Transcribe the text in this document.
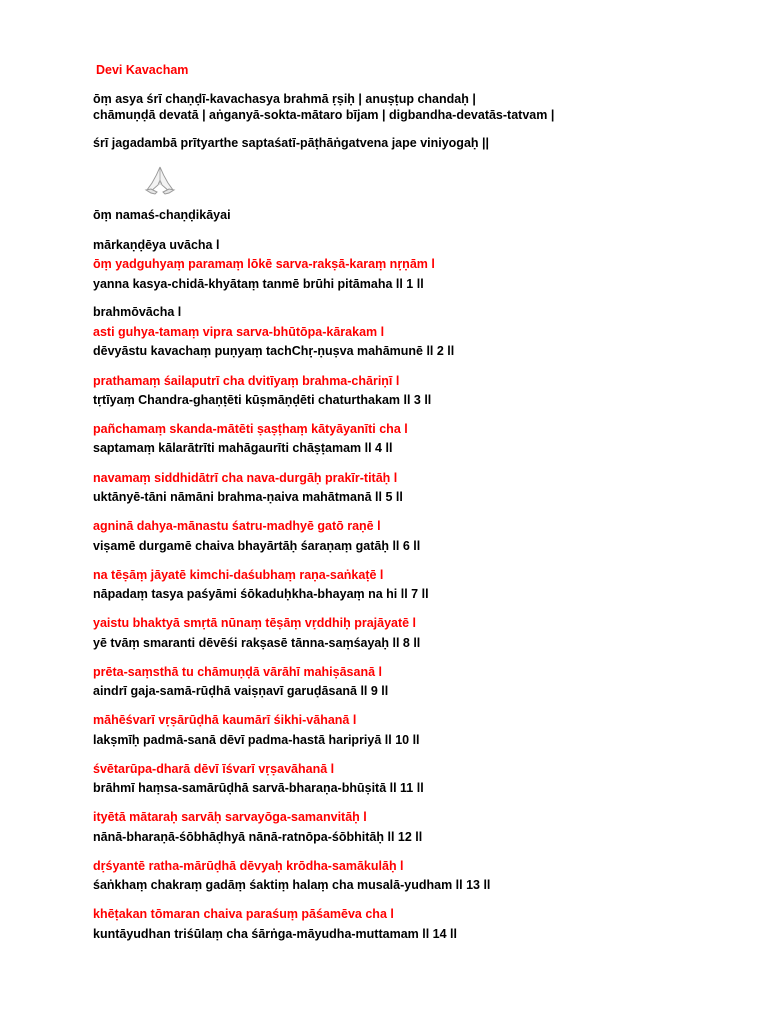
Devi Kavacham

ōṃ asya śrī chaṇḍī-kavachasya brahmā ṛṣiḥ | anuṣṭup chandaḥ |

chāmuṇḍā devatā | aṅganyā-sokta-mātaro bījam | digbandha-devatās-tatvam |

śrī jagadambā prītyarthe saptaśatī-pāṭhāṅgatvena jape viniyogaḥ ||

ōṃ namaś-chaṇḍikāyai

mārkaṇḍēya uvācha l

ōṃ yadguhyaṃ paramaṃ lōkē sarva-rakṣā-karaṃ nṛṇām l

yanna kasya-chidā-khyātaṃ tanmē brūhi pitāmaha ll 1 ll

brahmōvācha l

asti guhya-tamaṃ vipra sarva-bhūtōpa-kārakam l

dēvyāstu kavachaṃ puṇyaṃ tachChṛ-ṇuṣva mahāmunē ll 2 ll

prathamaṃ śailaputrī cha dvitīyaṃ brahma-chāriṇī l

tṛtīyaṃ Chandra-ghaṇṭēti kūṣmāṇḍēti chaturthakam ll 3 ll

pañchamaṃ skanda-mātēti ṣaṣṭhaṃ kātyāyanīti cha l

saptamaṃ kālarātrīti mahāgaurīti chāṣṭamam ll 4 ll

navamaṃ siddhidātrī cha nava-durgāḥ prakīr-titāḥ l

uktānyē-tāni nāmāni brahma-ṇaiva mahātmanā ll 5 ll

agninā dahya-mānastu śatru-madhyē gatō raṇē l

viṣamē durgamē chaiva bhayārtāḥ śaraṇaṃ gatāḥ ll 6 ll

na tēṣāṃ jāyatē kimchi-daśubhaṃ raṇa-saṅkaṭē l

nāpadaṃ tasya paśyāmi śōkaduḥkha-bhayaṃ na hi ll 7 ll

yaistu bhaktyā smṛtā nūnaṃ tēṣāṃ vṛddhiḥ prajāyatē l

yē tvāṃ smaranti dēvēśi rakṣasē tānna-saṃśayaḥ ll 8 ll

prēta-saṃsthā tu chāmuṇḍā vārāhī mahiṣāsanā l

aindrī gaja-samā-rūḍhā vaiṣṇavī garuḍāsanā ll 9 ll

māhēśvarī vṛṣārūḍhā kaumārī śikhi-vāhanā l

lakṣmīḥ padmā-sanā dēvī padma-hastā haripriyā ll 10 ll

śvētarūpa-dharā dēvī īśvarī vṛṣavāhanā l

brāhmī haṃsa-samārūḍhā sarvā-bharaṇa-bhūṣitā ll 11 ll

ityētā mātaraḥ sarvāḥ sarvayōga-samanvitāḥ l

nānā-bharaṇā-śōbhāḍhyā nānā-ratnōpa-śōbhitāḥ ll 12 ll

dṛśyantē ratha-mārūḍhā dēvyaḥ krōdha-samākulāḥ l

śaṅkhaṃ chakraṃ gadāṃ śaktiṃ halaṃ cha musalā-yudham ll 13 ll

khēṭakan tōmaran chaiva paraśuṃ pāśamēva cha l

kuntāyudhan triśūlaṃ cha śārṅga-māyudha-muttamam ll 14 ll
